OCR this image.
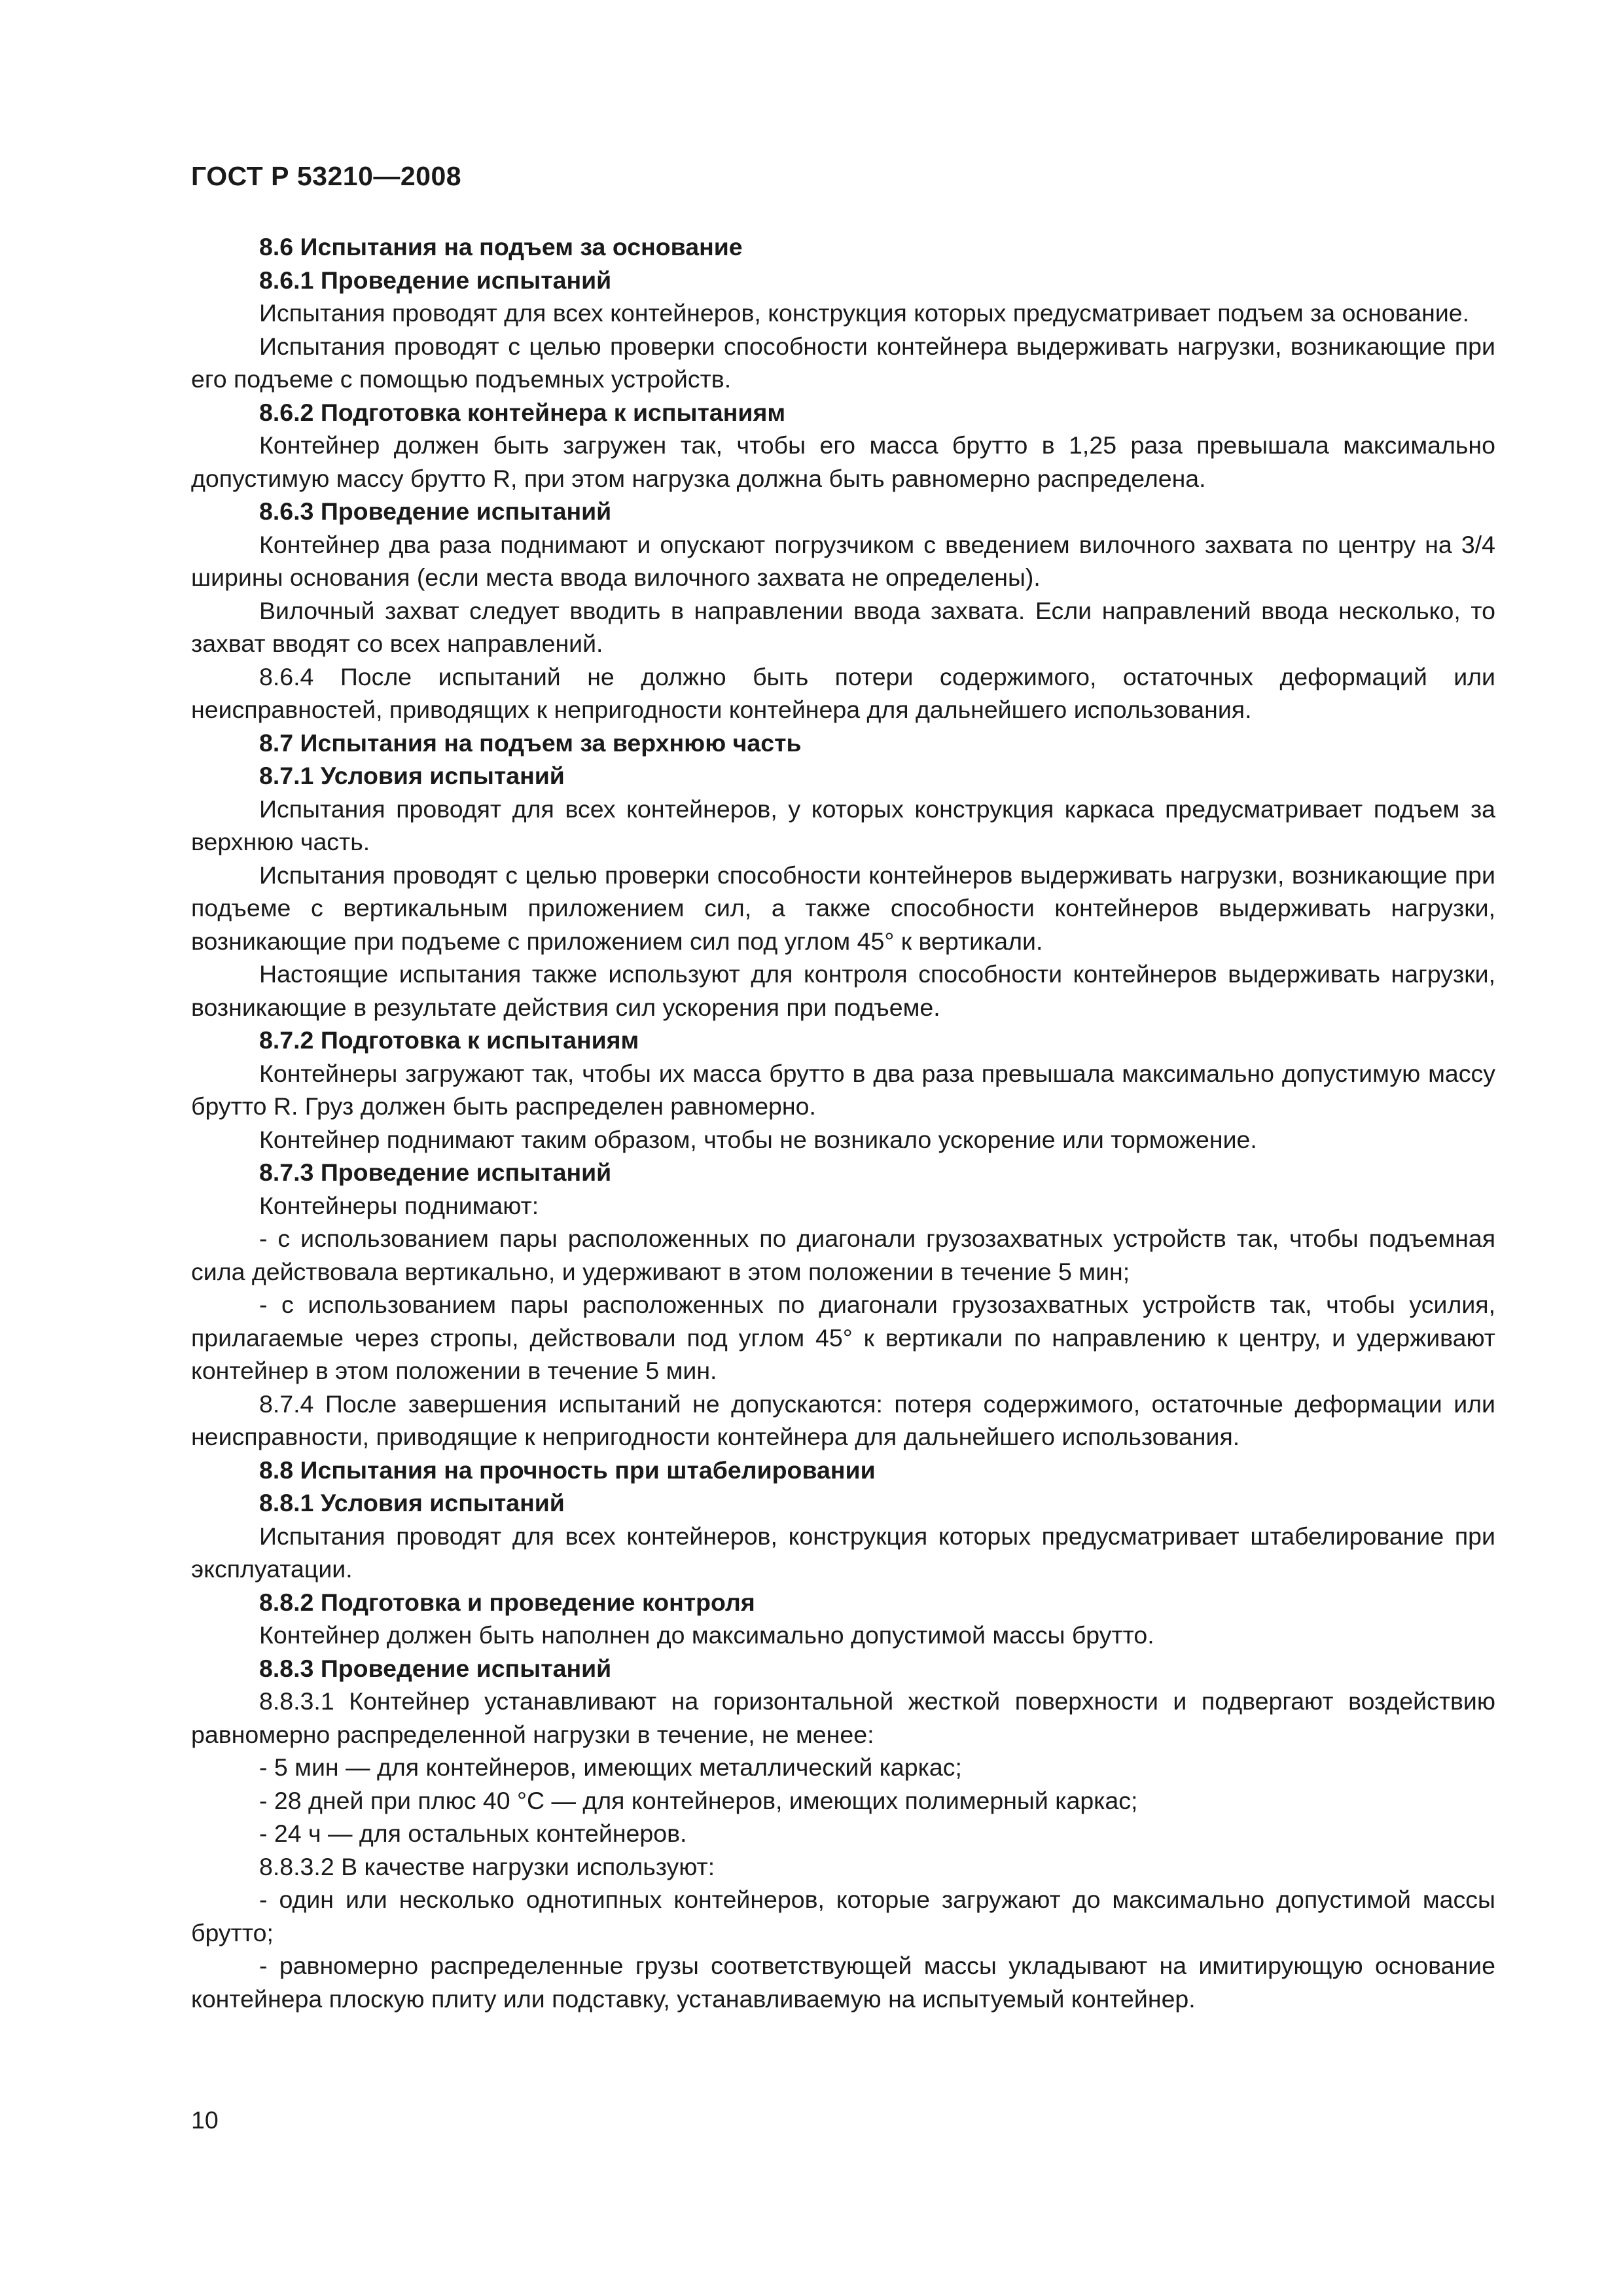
ГОСТ Р 53210—2008

8.6 Испытания на подъем за основание

8.6.1 Проведение испытаний

Испытания проводят для всех контейнеров, конструкция которых предусматривает подъем за основание.

Испытания проводят с целью проверки способности контейнера выдерживать нагрузки, возникающие при его подъеме с помощью подъемных устройств.

8.6.2 Подготовка контейнера к испытаниям

Контейнер должен быть загружен так, чтобы его масса брутто в 1,25 раза превышала максимально допустимую массу брутто R, при этом нагрузка должна быть равномерно распределена.

8.6.3 Проведение испытаний

Контейнер два раза поднимают и опускают погрузчиком с введением вилочного захвата по центру на 3/4 ширины основания (если места ввода вилочного захвата не определены).

Вилочный захват следует вводить в направлении ввода захвата. Если направлений ввода несколько, то захват вводят со всех направлений.

8.6.4 После испытаний не должно быть потери содержимого, остаточных деформаций или неисправностей, приводящих к непригодности контейнера для дальнейшего использования.

8.7 Испытания на подъем за верхнюю часть

8.7.1 Условия испытаний

Испытания проводят для всех контейнеров, у которых конструкция каркаса предусматривает подъем за верхнюю часть.

Испытания проводят с целью проверки способности контейнеров выдерживать нагрузки, возникающие при подъеме с вертикальным приложением сил, а также способности контейнеров выдерживать нагрузки, возникающие при подъеме с приложением сил под углом 45° к вертикали.

Настоящие испытания также используют для контроля способности контейнеров выдерживать нагрузки, возникающие в результате действия сил ускорения при подъеме.

8.7.2 Подготовка к испытаниям

Контейнеры загружают так, чтобы их масса брутто в два раза превышала максимально допустимую массу брутто R. Груз должен быть распределен равномерно.

Контейнер поднимают таким образом, чтобы не возникало ускорение или торможение.

8.7.3 Проведение испытаний

Контейнеры поднимают:

- с использованием пары расположенных по диагонали грузозахватных устройств так, чтобы подъемная сила действовала вертикально, и удерживают в этом положении в течение 5 мин;

- с использованием пары расположенных по диагонали грузозахватных устройств так, чтобы усилия, прилагаемые через стропы, действовали под углом 45° к вертикали по направлению к центру, и удерживают контейнер в этом положении в течение 5 мин.

8.7.4 После завершения испытаний не допускаются: потеря содержимого, остаточные деформации или неисправности, приводящие к непригодности контейнера для дальнейшего использования.

8.8 Испытания на прочность при штабелировании

8.8.1 Условия испытаний

Испытания проводят для всех контейнеров, конструкция которых предусматривает штабелирование при эксплуатации.

8.8.2 Подготовка и проведение контроля

Контейнер должен быть наполнен до максимально допустимой массы брутто.

8.8.3 Проведение испытаний

8.8.3.1 Контейнер устанавливают на горизонтальной жесткой поверхности и подвергают воздействию равномерно распределенной нагрузки в течение, не менее:

- 5 мин — для контейнеров, имеющих металлический каркас;

- 28 дней при плюс 40 °С — для контейнеров, имеющих полимерный каркас;

- 24 ч — для остальных контейнеров.

8.8.3.2 В качестве нагрузки используют:

- один или несколько однотипных контейнеров, которые загружают до максимально допустимой массы брутто;

- равномерно распределенные грузы соответствующей массы укладывают на имитирующую основание контейнера плоскую плиту или подставку, устанавливаемую на испытуемый контейнер.

10
